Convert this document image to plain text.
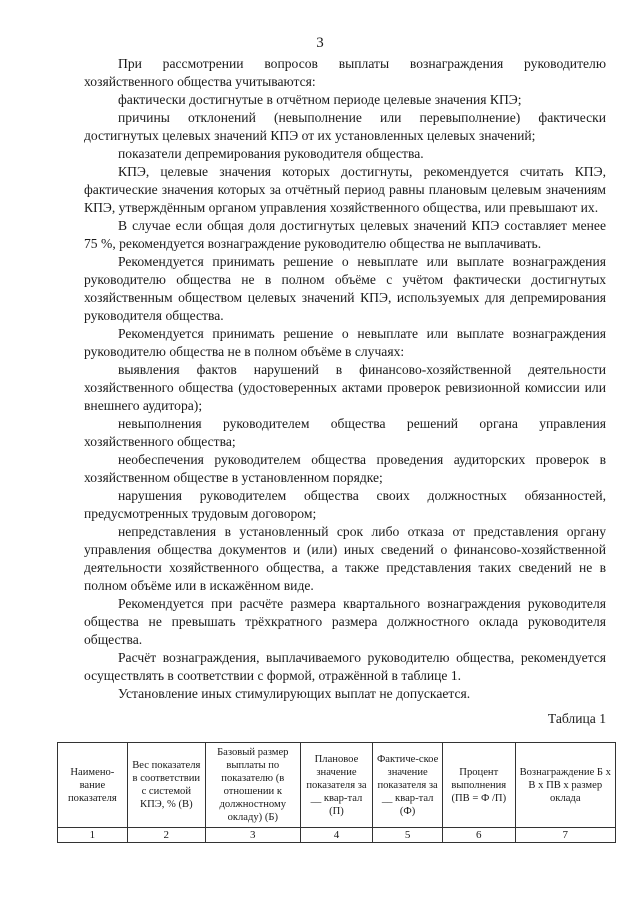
3

При рассмотрении вопросов выплаты вознаграждения руководителю хозяйственного общества учитываются:

фактически достигнутые в отчётном периоде целевые значения КПЭ;

причины отклонений (невыполнение или перевыполнение) фактически достигнутых целевых значений КПЭ от их установленных целевых значений;

показатели депремирования руководителя общества.

КПЭ, целевые значения которых достигнуты, рекомендуется считать КПЭ, фактические значения которых за отчётный период равны плановым целевым значениям КПЭ, утверждённым органом управления хозяйственного общества, или превышают их.

В случае если общая доля достигнутых целевых значений КПЭ составляет менее 75 %, рекомендуется вознаграждение руководителю общества не выплачивать.

Рекомендуется принимать решение о невыплате или выплате вознаграждения руководителю общества не в полном объёме с учётом фактически достигнутых хозяйственным обществом целевых значений КПЭ, используемых для депремирования руководителя общества.

Рекомендуется принимать решение о невыплате или выплате вознаграждения руководителю общества не в полном объёме в случаях:

выявления фактов нарушений в финансово-хозяйственной деятельности хозяйственного общества (удостоверенных актами проверок ревизионной комиссии или внешнего аудитора);

невыполнения руководителем общества решений органа управления хозяйственного общества;

необеспечения руководителем общества проведения аудиторских проверок в хозяйственном обществе в установленном порядке;

нарушения руководителем общества своих должностных обязанностей, предусмотренных трудовым договором;

непредставления в установленный срок либо отказа от представления органу управления общества документов и (или) иных сведений о финансово-хозяйственной деятельности хозяйственного общества, а также представления таких сведений не в полном объёме или в искажённом виде.

Рекомендуется при расчёте размера квартального вознаграждения руководителя общества не превышать трёхкратного размера должностного оклада руководителя общества.

Расчёт вознаграждения, выплачиваемого руководителю общества, рекомендуется осуществлять в соответствии с формой, отражённой в таблице 1.

Установление иных стимулирующих выплат не допускается.

Таблица 1
Наимено-вание показателя	Вес показателя в соответствии с системой КПЭ, % (В)	Базовый размер выплаты по показателю (в отношении к должностному окладу) (Б)	Плановое значение показателя за __ квар-тал (П)	Фактиче-ское значение показателя за __ квар-тал (Ф)	Процент выполнения (ПВ = Ф /П)	Вознаграждение Б x В x ПВ x размер оклада
1	2	3	4	5	6	7
